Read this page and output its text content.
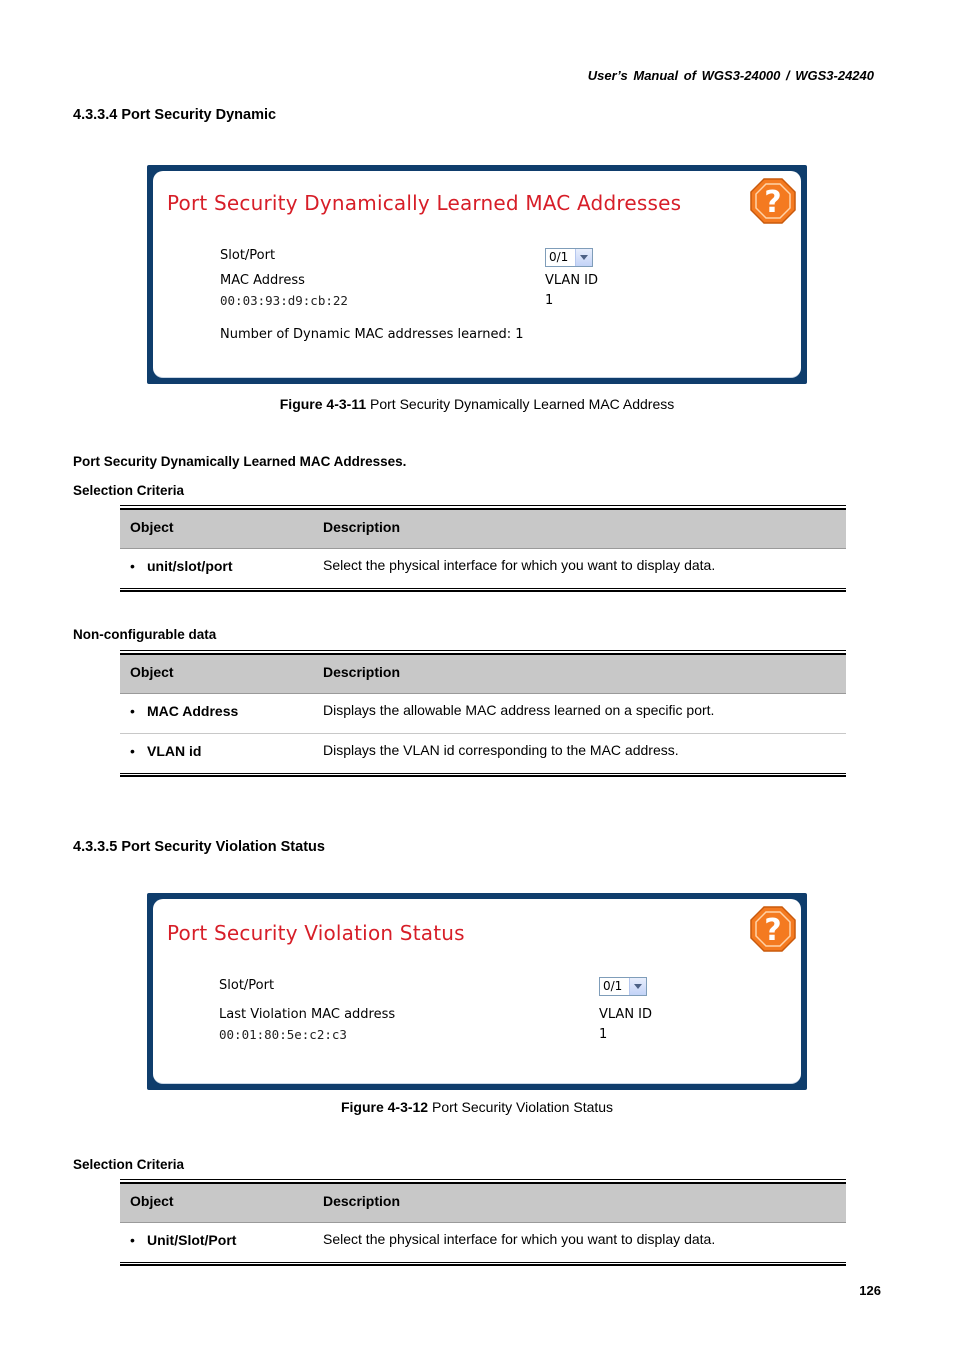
User’s Manual of WGS3-24000 / WGS3-24240
4.3.3.4 Port Security Dynamic
Port Security Dynamically Learned MAC Addresses	?
Slot/Port	0/1
MAC Address
00:03:93:d9:cb:22
VLAN ID
1
Number of Dynamic MAC addresses learned: 1
Figure 4-3-11 Port Security Dynamically Learned MAC Address
Port Security Dynamically Learned MAC Addresses.
Selection Criteria
Object	Description
• unit/slot/port	Select the physical interface for which you want to display data.
Non-configurable data
Object	Description
• MAC Address	Displays the allowable MAC address learned on a specific port.
• VLAN id	Displays the VLAN id corresponding to the MAC address.
4.3.3.5 Port Security Violation Status
Port Security Violation Status	?
Slot/Port	0/1
Last Violation MAC address
00:01:80:5e:c2:c3
VLAN ID
1
Figure 4-3-12 Port Security Violation Status
Selection Criteria
Object	Description
• Unit/Slot/Port	Select the physical interface for which you want to display data.
126
